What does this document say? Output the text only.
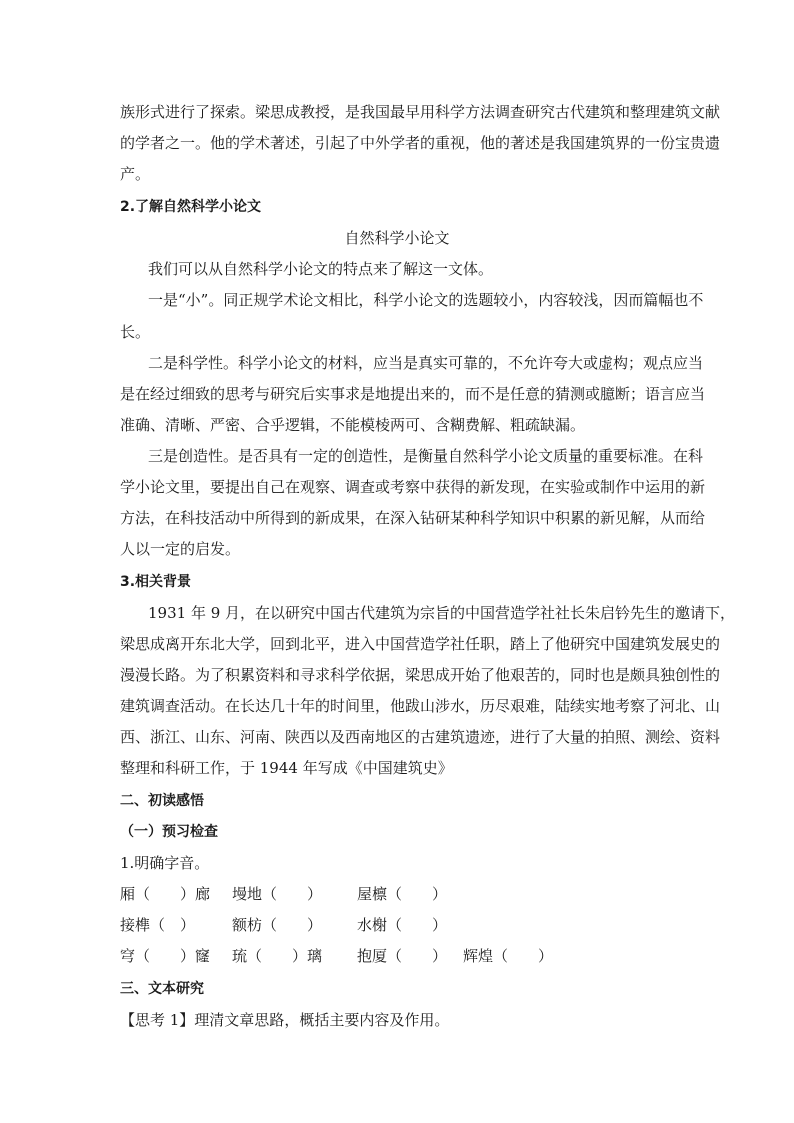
族形式进行了探索。梁思成教授，是我国最早用科学方法调查研究古代建筑和整理建筑文献
的学者之一。他的学术著述，引起了中外学者的重视，他的著述是我国建筑界的一份宝贵遗
产。
2.了解自然科学小论文
自然科学小论文
我们可以从自然科学小论文的特点来了解这一文体。
一是“小”。同正规学术论文相比，科学小论文的选题较小，内容较浅，因而篇幅也不
长。
二是科学性。科学小论文的材料，应当是真实可靠的，不允许夸大或虚构；观点应当
是在经过细致的思考与研究后实事求是地提出来的，而不是任意的猜测或臆断；语言应当
准确、清晰、严密、合乎逻辑，不能模棱两可、含糊费解、粗疏缺漏。
三是创造性。是否具有一定的创造性，是衡量自然科学小论文质量的重要标准。在科
学小论文里，要提出自己在观察、调查或考察中获得的新发现，在实验或制作中运用的新
方法，在科技活动中所得到的新成果，在深入钻研某种科学知识中积累的新见解，从而给
人以一定的启发。
3.相关背景
1931 年 9 月，在以研究中国古代建筑为宗旨的中国营造学社社长朱启钤先生的邀请下，
梁思成离开东北大学，回到北平，进入中国营造学社任职，踏上了他研究中国建筑发展史的
漫漫长路。为了积累资料和寻求科学依据，梁思成开始了他艰苦的，同时也是颇具独创性的
建筑调查活动。在长达几十年的时间里，他跋山涉水，历尽艰难，陆续实地考察了河北、山
西、浙江、山东、河南、陕西以及西南地区的古建筑遗迹，进行了大量的拍照、测绘、资料
整理和科研工作，于 1944 年写成《中国建筑史》
二、初读感悟
（一）预习检查
1.明确字音。
厢（　　）廊 墁地（　　） 屋檩（　　）
接榫（　） 额枋（　　） 水榭（　　）
穹（　　）窿 琉（　　）璃 抱厦（　　） 辉煌（　　）
三、文本研究
【思考 1】理清文章思路，概括主要内容及作用。
